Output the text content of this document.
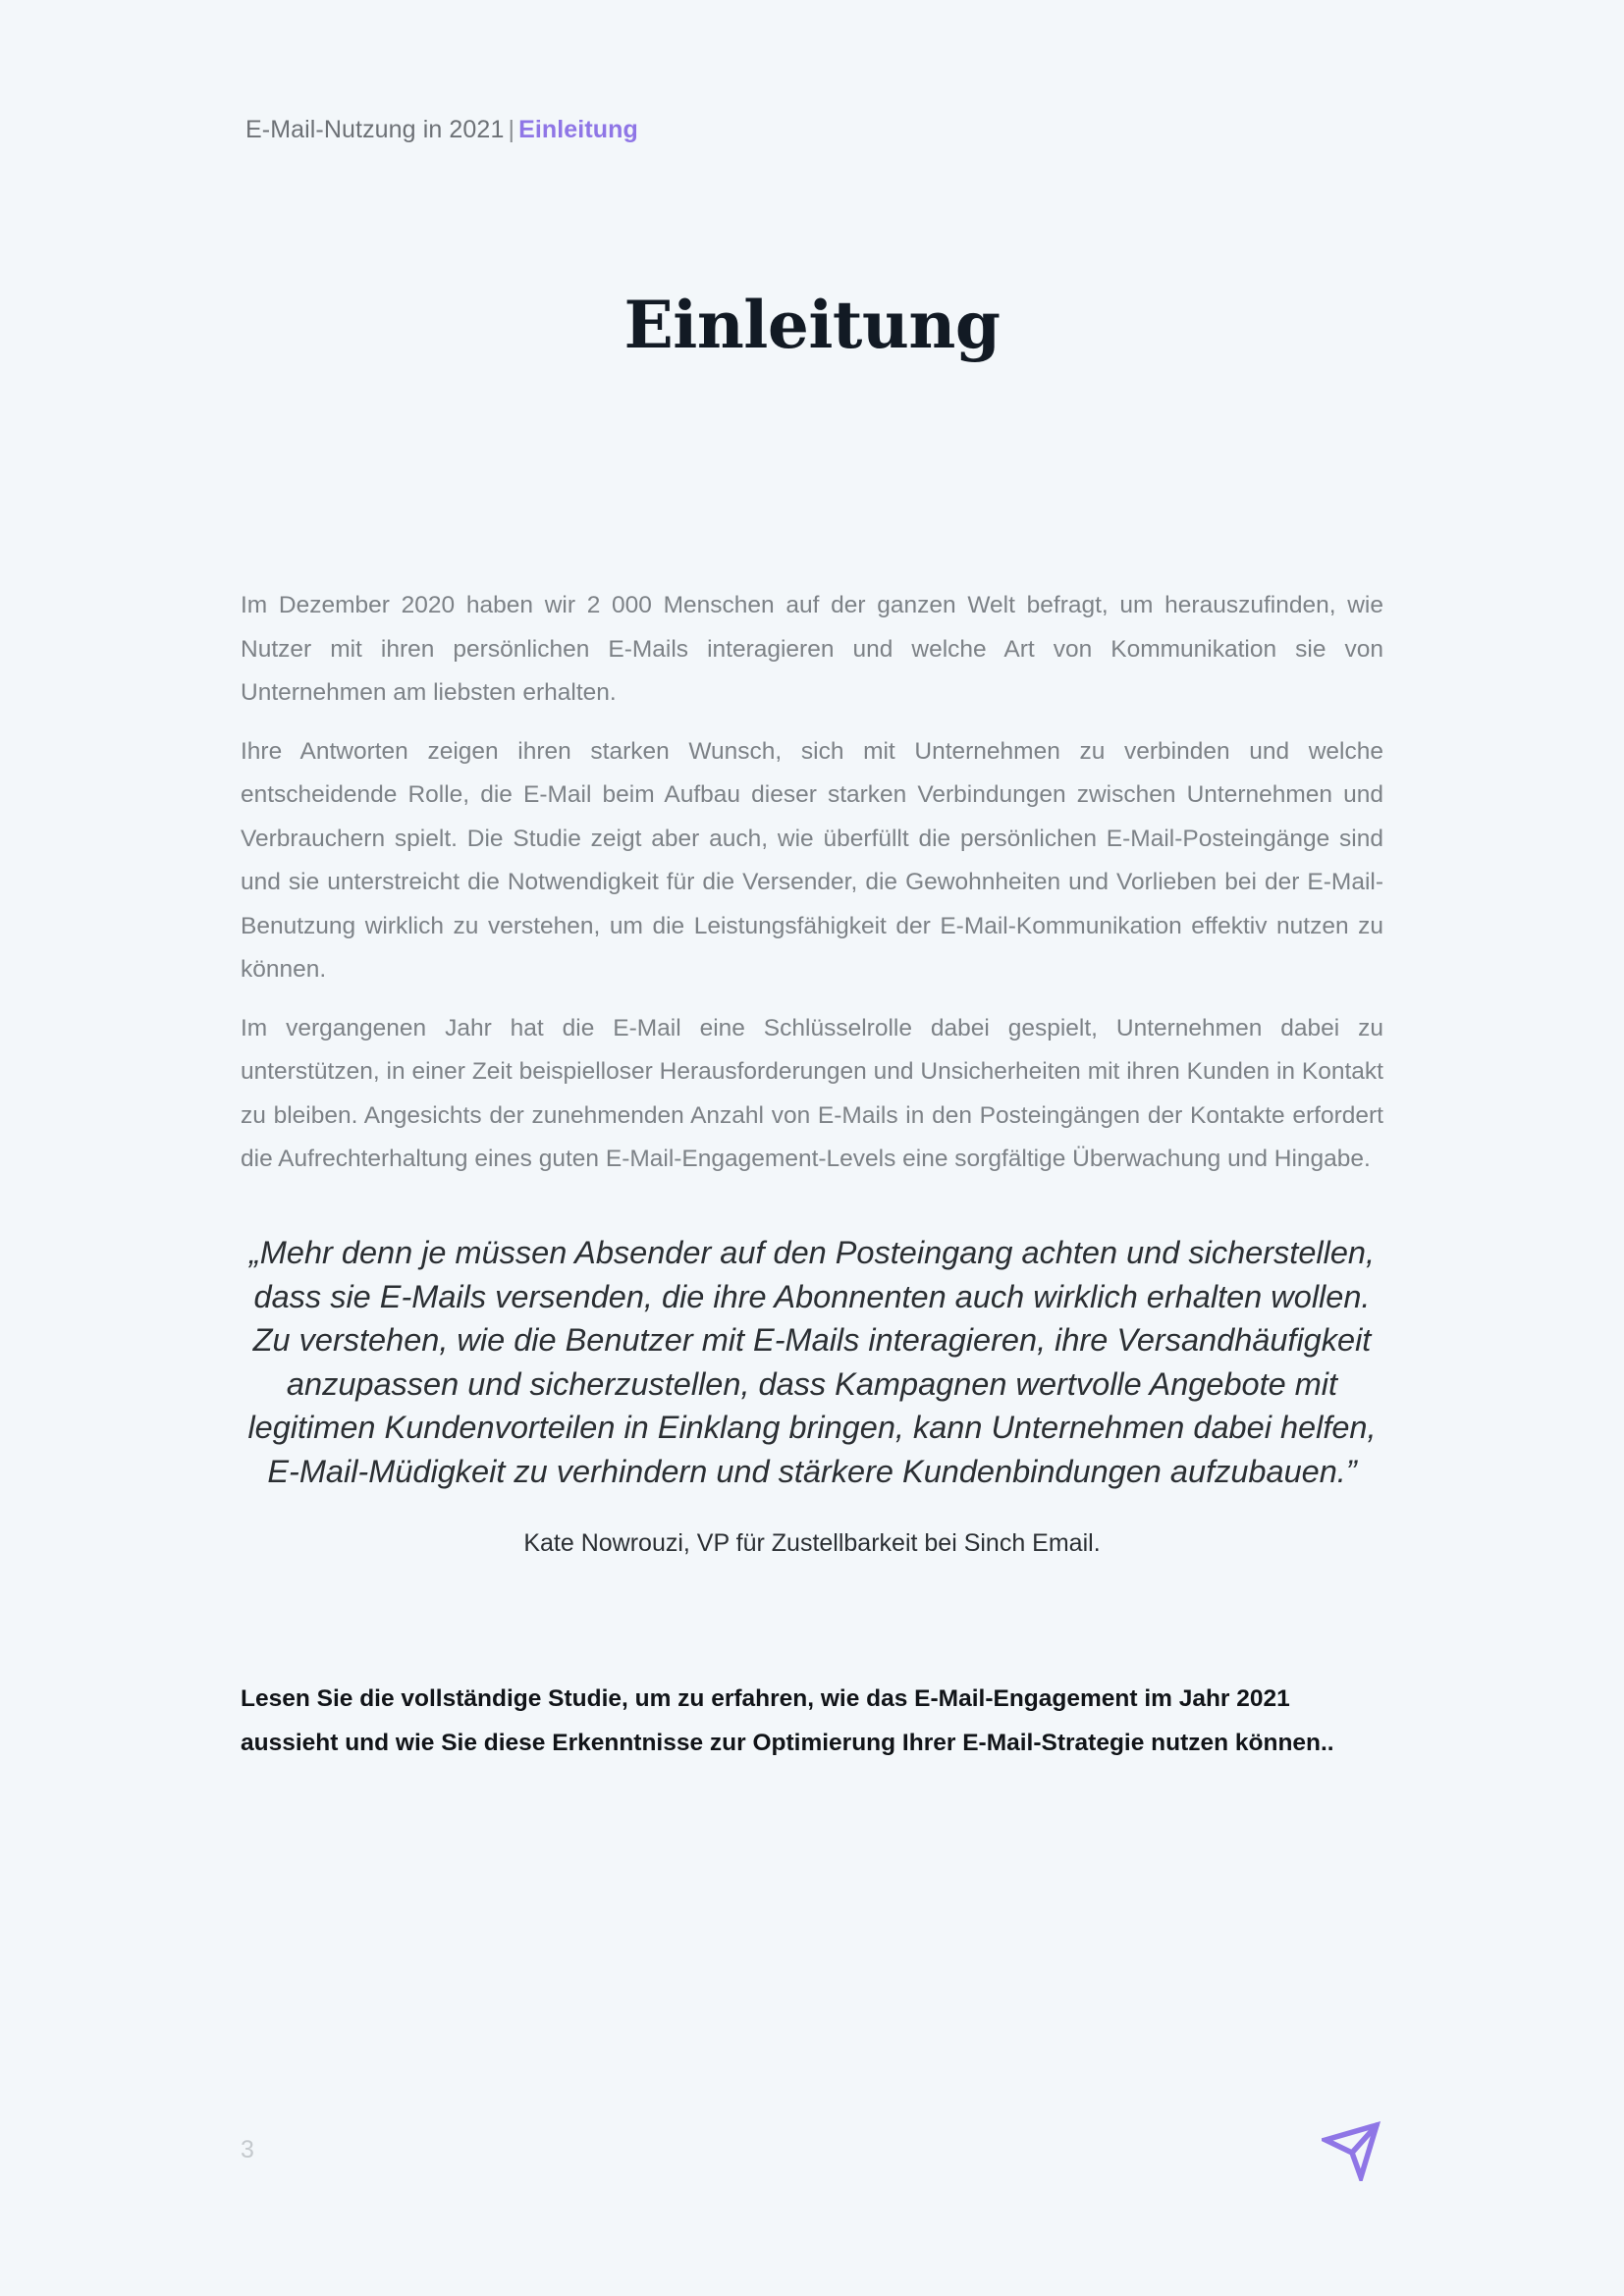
E-Mail-Nutzung in 2021 | Einleitung
Einleitung

Im Dezember 2020 haben wir 2 000 Menschen auf der ganzen Welt befragt, um herauszufinden, wie Nutzer mit ihren persönlichen E-Mails interagieren und welche Art von Kommunikation sie von Unternehmen am liebsten erhalten.

Ihre Antworten zeigen ihren starken Wunsch, sich mit Unternehmen zu verbinden und welche entscheidende Rolle, die E-Mail beim Aufbau dieser starken Verbindungen zwischen Unternehmen und Verbrauchern spielt. Die Studie zeigt aber auch, wie überfüllt die persönlichen E-Mail-Posteingänge sind und sie unterstreicht die Notwendigkeit für die Versender, die Gewohnheiten und Vorlieben bei der E-Mail-Benutzung wirklich zu verstehen, um die Leistungsfähigkeit der E-Mail-Kommunikation effektiv nutzen zu können.

Im vergangenen Jahr hat die E-Mail eine Schlüsselrolle dabei gespielt, Unternehmen dabei zu unterstützen, in einer Zeit beispielloser Herausforderungen und Unsicherheiten mit ihren Kunden in Kontakt zu bleiben. Angesichts der zunehmenden Anzahl von E-Mails in den Posteingängen der Kontakte erfordert die Aufrechterhaltung eines guten E-Mail-Engagement-Levels eine sorgfältige Überwachung und Hingabe.

„Mehr denn je müssen Absender auf den Posteingang achten und sicherstellen, dass sie E-Mails versenden, die ihre Abonnenten auch wirklich erhalten wollen. Zu verstehen, wie die Benutzer mit E-Mails interagieren, ihre Versandhäufigkeit anzupassen und sicherzustellen, dass Kampagnen wertvolle Angebote mit legitimen Kundenvorteilen in Einklang bringen, kann Unternehmen dabei helfen, E-Mail-Müdigkeit zu verhindern und stärkere Kundenbindungen aufzubauen.”

Kate Nowrouzi, VP für Zustellbarkeit bei Sinch Email.

Lesen Sie die vollständige Studie, um zu erfahren, wie das E-Mail-Engagement im Jahr 2021 aussieht und wie Sie diese Erkenntnisse zur Optimierung Ihrer E-Mail-Strategie nutzen können..

3
